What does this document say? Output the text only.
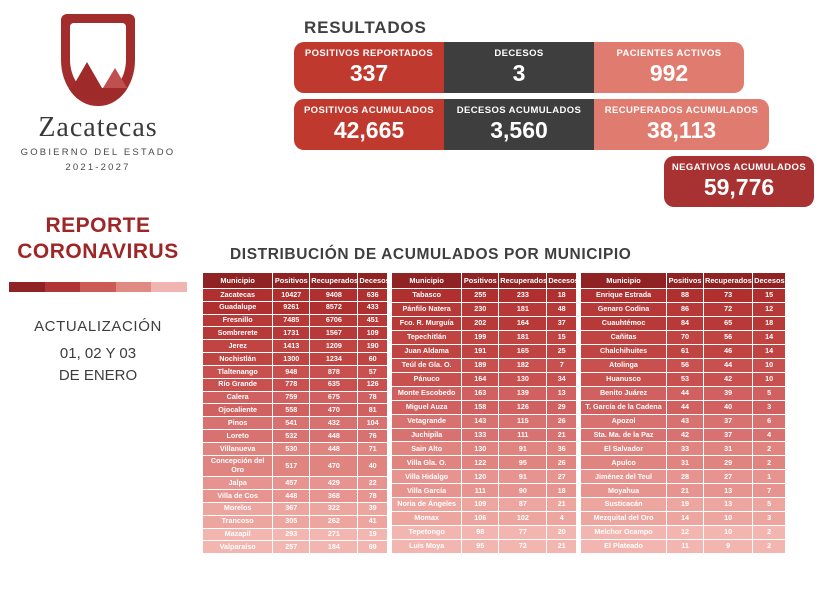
Zacatecas
GOBIERNO DEL ESTADO
2021-2027
REPORTE
CORONAVIRUS
ACTUALIZACIÓN
01, 02 Y 03
DE ENERO
RESULTADOS
POSITIVOS REPORTADOS
337
DECESOS
3
PACIENTES ACTIVOS
992
POSITIVOS ACUMULADOS
42,665
DECESOS ACUMULADOS
3,560
RECUPERADOS ACUMULADOS
38,113
NEGATIVOS ACUMULADOS
59,776
DISTRIBUCIÓN DE ACUMULADOS POR MUNICIPIO
Municipio	Positivos	Recuperados	Decesos
Zacatecas	10427	9408	636
Guadalupe	9261	8572	433
Fresnillo	7485	6706	451
Sombrerete	1731	1567	109
Jerez	1413	1209	190
Nochistlán	1300	1234	60
Tlaltenango	948	878	57
Río Grande	778	635	126
Calera	759	675	78
Ojocaliente	558	470	81
Pinos	541	432	104
Loreto	532	448	76
Villanueva	530	448	71
Concepción del Oro	517	470	40
Jalpa	457	429	22
Villa de Cos	448	368	78
Morelos	367	322	39
Trancoso	305	262	41
Mazapil	293	271	19
Valparaíso	257	184	69
Municipio	Positivos	Recuperados	Decesos
Tabasco	255	233	18
Pánfilo Natera	230	181	48
Fco. R. Murguía	202	164	37
Tepechitlán	199	181	15
Juan Aldama	191	165	25
Teúl de Gla. O.	189	182	7
Pánuco	164	130	34
Monte Escobedo	163	139	13
Miguel Auza	158	126	29
Vetagrande	143	115	26
Juchipila	133	111	21
Sain Alto	130	91	36
Villa Gla. O.	122	95	26
Villa Hidalgo	120	91	27
Villa García	111	90	18
Noria de Ángeles	109	87	21
Momax	106	102	4
Tepetongo	98	77	20
Luis Moya	95	72	21
Municipio	Positivos	Recuperados	Decesos
Enrique Estrada	88	73	15
Genaro Codina	86	72	12
Cuauhtémoc	84	65	18
Cañitas	70	56	14
Chalchihuites	61	46	14
Atolinga	56	44	10
Huanusco	53	42	10
Benito Juárez	44	39	5
T. García de la Cadena	44	40	3
Apozol	43	37	6
Sta. Ma. de la Paz	42	37	4
El Salvador	33	31	2
Apulco	31	29	2
Jiménez del Teul	28	27	1
Moyahua	21	13	7
Susticacán	19	13	5
Mezquital del Oro	14	10	3
Melchor Ocampo	12	10	2
El Plateado	11	9	2
